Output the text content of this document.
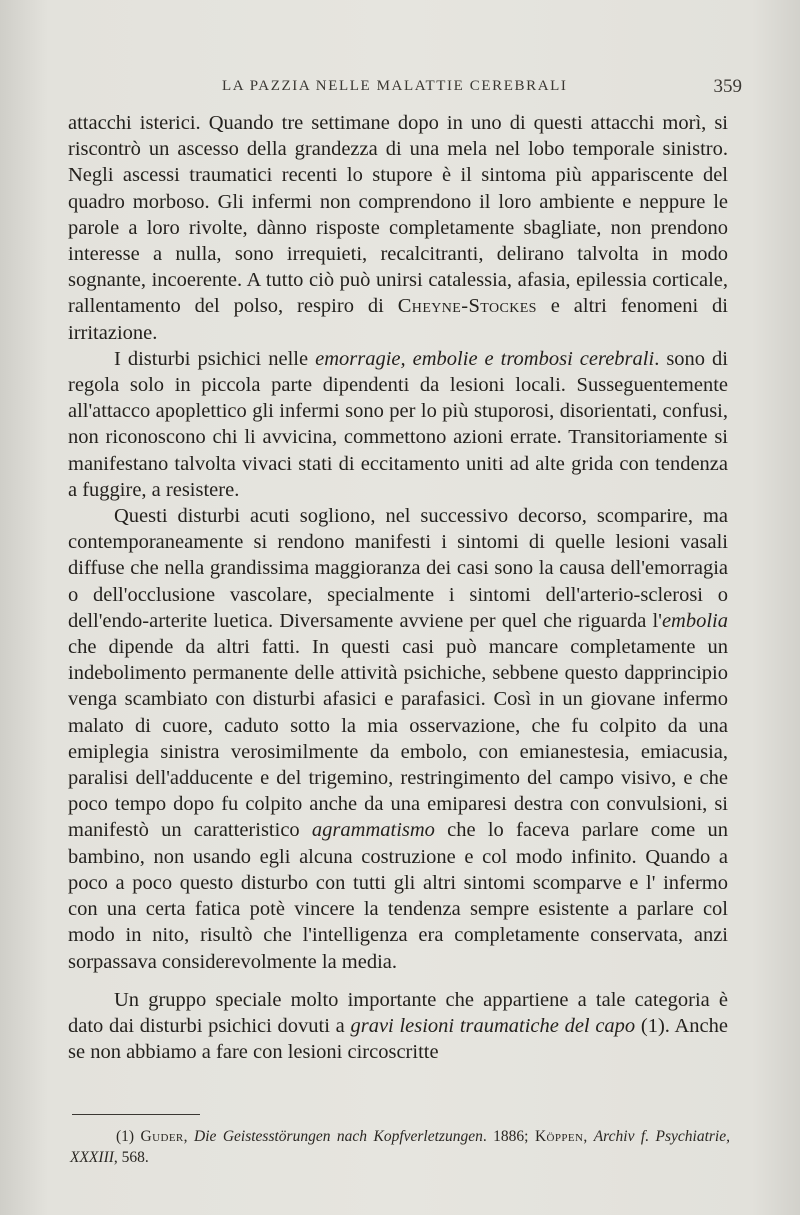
LA PAZZIA NELLE MALATTIE CEREBRALI	359

attacchi isterici. Quando tre settimane dopo in uno di questi attacchi morì, si riscontrò un ascesso della grandezza di una mela nel lobo temporale sinistro. Negli ascessi traumatici recenti lo stupore è il sintoma più appariscente del quadro morboso. Gli infermi non comprendono il loro ambiente e neppure le parole a loro rivolte, dànno risposte completamente sbagliate, non prendono interesse a nulla, sono irrequieti, recalcitranti, delirano talvolta in modo sognante, incoerente. A tutto ciò può unirsi catalessia, afasia, epilessia corticale, rallentamento del polso, respiro di Cheyne-Stockes e altri fenomeni di irritazione.

I disturbi psichici nelle emorragie, embolie e trombosi cerebrali. sono di regola solo in piccola parte dipendenti da lesioni locali. Susseguentemente all'attacco apoplettico gli infermi sono per lo più stuporosi, disorientati, confusi, non riconoscono chi li avvicina, commettono azioni errate. Transitoriamente si manifestano talvolta vivaci stati di eccitamento uniti ad alte grida con tendenza a fuggire, a resistere.

Questi disturbi acuti sogliono, nel successivo decorso, scomparire, ma contemporaneamente si rendono manifesti i sintomi di quelle lesioni vasali diffuse che nella grandissima maggioranza dei casi sono la causa dell'emorragia o dell'occlusione vascolare, specialmente i sintomi dell'arterio-sclerosi o dell'endo-arterite luetica. Diversamente avviene per quel che riguarda l'embolia che dipende da altri fatti. In questi casi può mancare completamente un indebolimento permanente delle attività psichiche, sebbene questo dapprincipio venga scambiato con disturbi afasici e parafasici. Così in un giovane infermo malato di cuore, caduto sotto la mia osservazione, che fu colpito da una emiplegia sinistra verosimilmente da embolo, con emianestesia, emiacusia, paralisi dell'adducente e del trigemino, restringimento del campo visivo, e che poco tempo dopo fu colpito anche da una emiparesi destra con convulsioni, si manifestò un caratteristico agrammatismo che lo faceva parlare come un bambino, non usando egli alcuna costruzione e col modo infinito. Quando a poco a poco questo disturbo con tutti gli altri sintomi scomparve e l' infermo con una certa fatica potè vincere la tendenza sempre esistente a parlare col modo in nito, risultò che l'intelligenza era completamente conservata, anzi sorpassava considerevolmente la media.

Un gruppo speciale molto importante che appartiene a tale categoria è dato dai disturbi psichici dovuti a gravi lesioni traumatiche del capo (1). Anche se non abbiamo a fare con lesioni circoscritte

(1) Guder, Die Geistesstörungen nach Kopfverletzungen. 1886; Köppen, Archiv f. Psychiatrie, XXXIII, 568.
